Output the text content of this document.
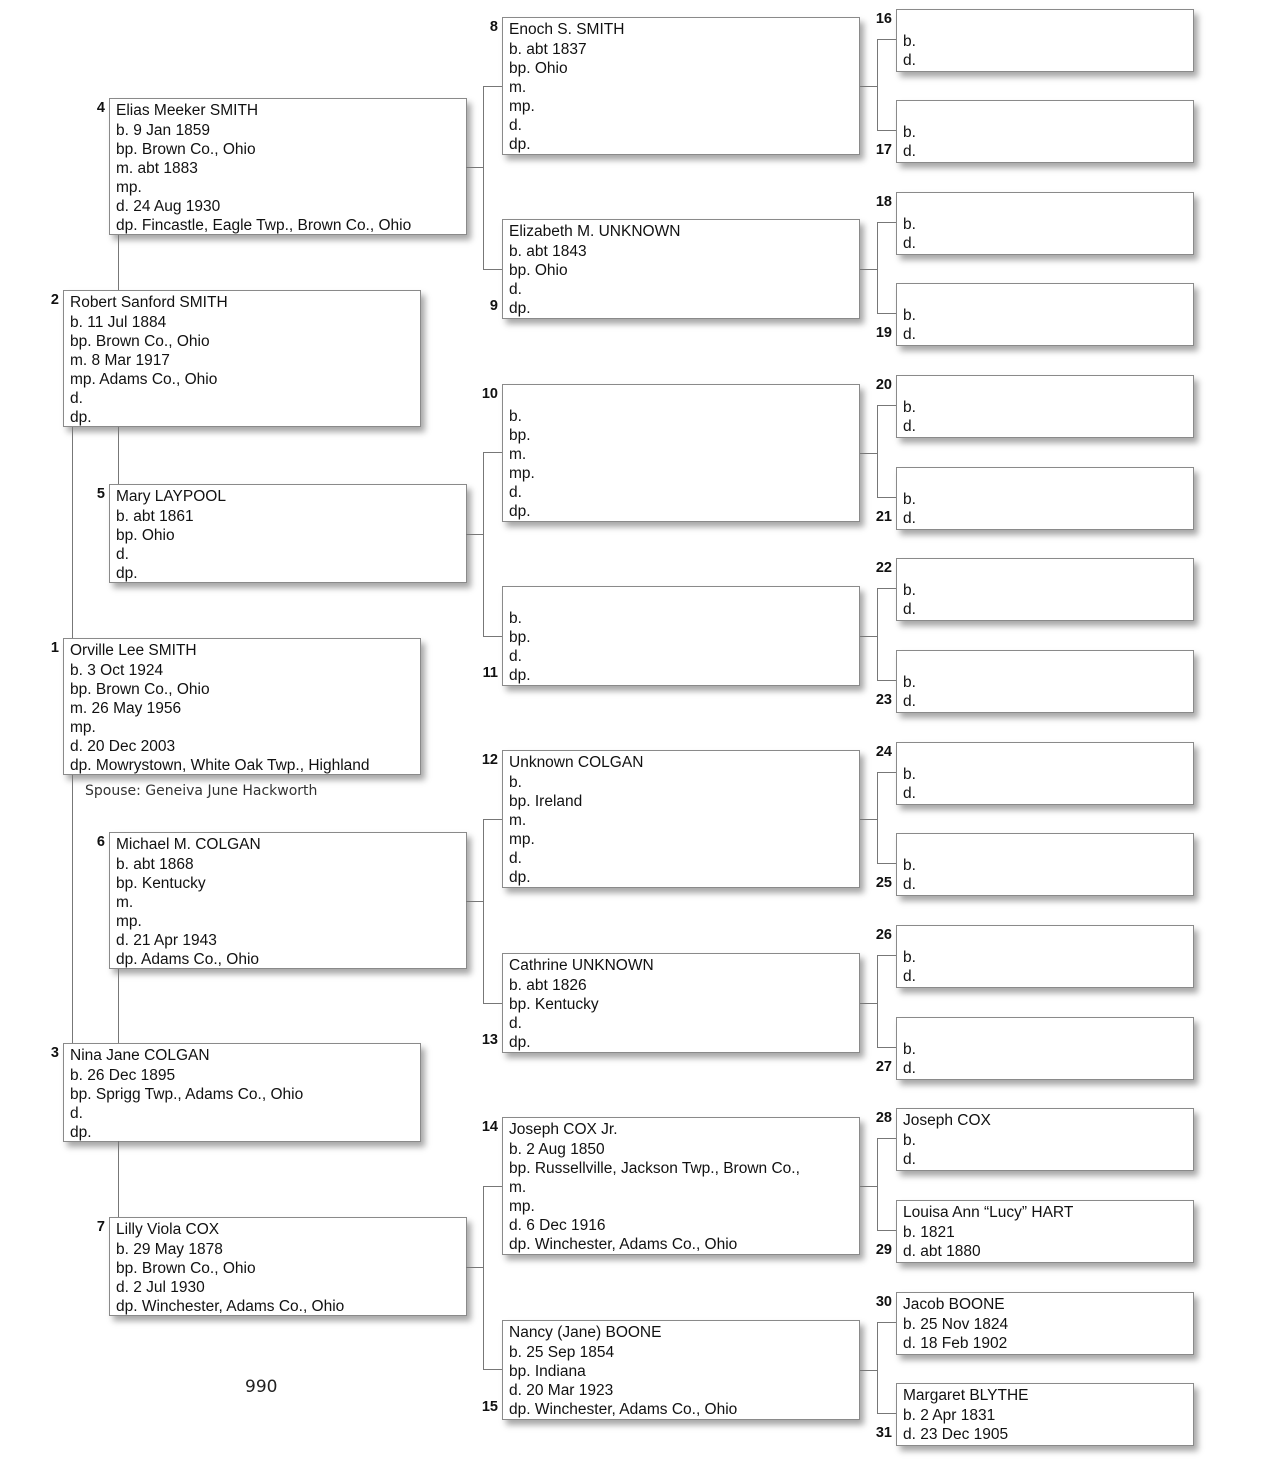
Orville Lee SMITH
b. 3 Oct 1924
bp. Brown Co., Ohio
m. 26 May 1956
mp.
d. 20 Dec 2003
dp. Mowrystown, White Oak Twp., Highland
1
Robert Sanford SMITH
b. 11 Jul 1884
bp. Brown Co., Ohio
m. 8 Mar 1917
mp. Adams Co., Ohio
d.
dp.
2
Nina Jane COLGAN
b. 26 Dec 1895
bp. Sprigg Twp., Adams Co., Ohio
d.
dp.
3
Elias Meeker SMITH
b. 9 Jan 1859
bp. Brown Co., Ohio
m. abt 1883
mp.
d. 24 Aug 1930
dp. Fincastle, Eagle Twp., Brown Co., Ohio
4
Mary LAYPOOL
b. abt 1861
bp. Ohio
d.
dp.
5
Michael M. COLGAN
b. abt 1868
bp. Kentucky
m.
mp.
d. 21 Apr 1943
dp. Adams Co., Ohio
6
Lilly Viola COX
b. 29 May 1878
bp. Brown Co., Ohio
d. 2 Jul 1930
dp. Winchester, Adams Co., Ohio
7
Enoch S. SMITH
b. abt 1837
bp. Ohio
m.
mp.
d.
dp.
8
Elizabeth M. UNKNOWN
b. abt 1843
bp. Ohio
d.
dp.
9
b.
bp.
m.
mp.
d.
dp.
10
b.
bp.
d.
dp.
11
Unknown COLGAN
b.
bp. Ireland
m.
mp.
d.
dp.
12
Cathrine UNKNOWN
b. abt 1826
bp. Kentucky
d.
dp.
13
Joseph COX Jr.
b. 2 Aug 1850
bp. Russellville, Jackson Twp., Brown Co.,
m.
mp.
d. 6 Dec 1916
dp. Winchester, Adams Co., Ohio
14
Nancy (Jane) BOONE
b. 25 Sep 1854
bp. Indiana
d. 20 Mar 1923
dp. Winchester, Adams Co., Ohio
15
b.
d.
16
b.
d.
17
b.
d.
18
b.
d.
19
b.
d.
20
b.
d.
21
b.
d.
22
b.
d.
23
b.
d.
24
b.
d.
25
b.
d.
26
b.
d.
27
Joseph COX
b.
d.
28
Louisa Ann “Lucy” HART
b. 1821
d. abt 1880
29
Jacob BOONE
b. 25 Nov 1824
d. 18 Feb 1902
30
Margaret BLYTHE
b. 2 Apr 1831
d. 23 Dec 1905
31
Spouse: Geneiva June Hackworth
990
